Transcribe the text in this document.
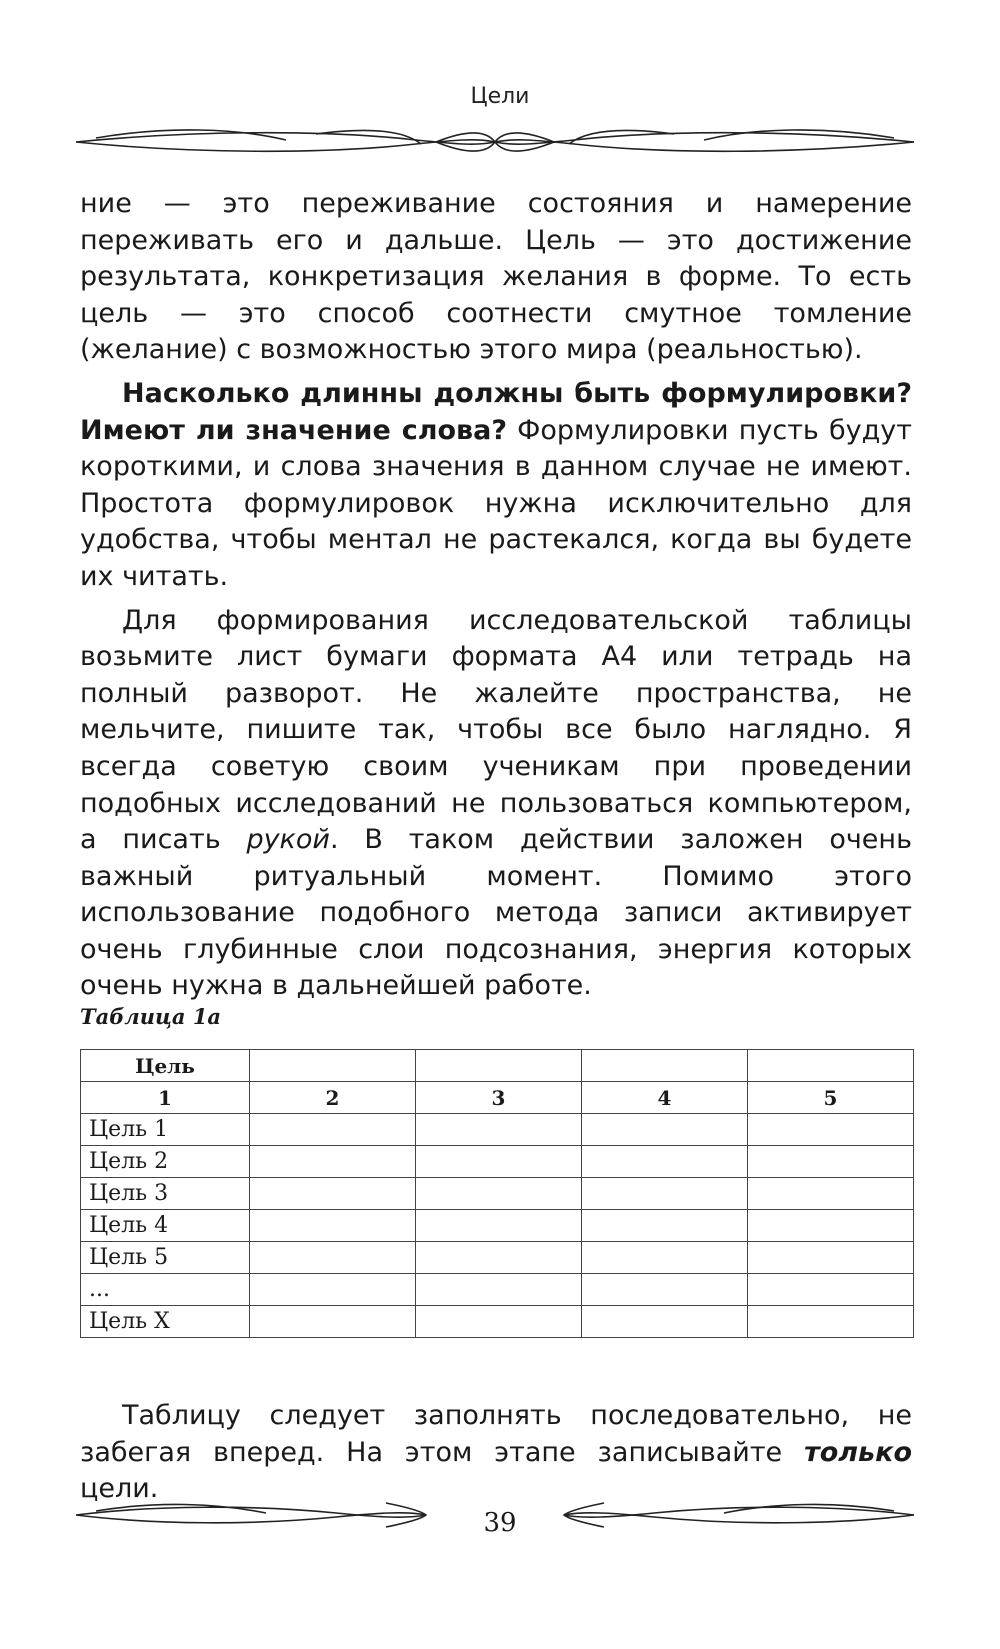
Цели

ние — это переживание состояния и намерение переживать его и дальше. Цель — это достижение результата, конкретизация желания в форме. То есть цель — это способ соотнести смутное томление (желание) с возможностью этого мира (реальностью).

Насколько длинны должны быть формулировки? Имеют ли значение слова? Формулировки пусть будут короткими, и слова значения в данном случае не имеют. Простота формулировок нужна исключительно для удобства, чтобы ментал не растекался, когда вы будете их читать.

Для формирования исследовательской таблицы возьмите лист бумаги формата А4 или тетрадь на полный разворот. Не жалейте пространства, не мельчите, пишите так, чтобы все было наглядно. Я всегда советую своим ученикам при проведении подобных исследований не пользоваться компьютером, а писать рукой. В таком действии заложен очень важный ритуальный момент. Помимо этого использование подобного метода записи активирует очень глубинные слои подсознания, энергия которых очень нужна в дальнейшей работе.

Таблица 1а
Цель				
1	2	3	4	5
Цель 1				
Цель 2				
Цель 3				
Цель 4				
Цель 5				
...				
Цель X				

Таблицу следует заполнять последовательно, не забегая вперед. На этом этапе записывайте только цели.

39
